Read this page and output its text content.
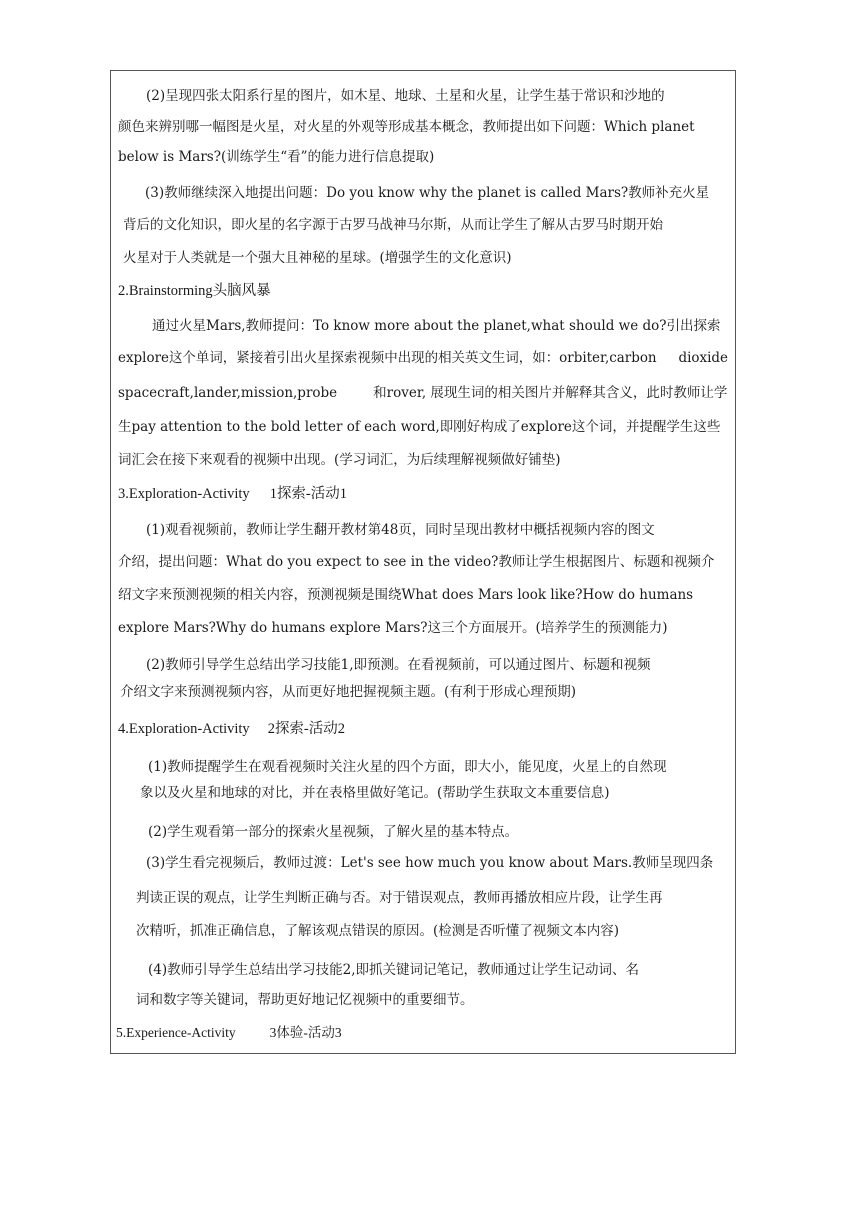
(2)呈现四张太阳系行星的图片，如木星、地球、土星和火星，让学生基于常识和沙地的
颜色来辨别哪一幅图是火星，对火星的外观等形成基本概念，教师提出如下问题：Which planet
below is Mars?(训练学生“看”的能力进行信息提取)
(3)教师继续深入地提出问题：Do you know why the planet is called Mars?教师补充火星
背后的文化知识，即火星的名字源于古罗马战神马尔斯，从而让学生了解从古罗马时期开始
火星对于人类就是一个强大且神秘的星球。(增强学生的文化意识)
2.Brainstorming头脑风暴
通过火星Mars,教师提问：To know more about the planet,what should we do?引出探索
explore这个单词，紧接着引出火星探索视频中出现的相关英文生词，如：orbiter,carbon dioxide
spacecraft,lander,mission,probe	和rover, 展现生词的相关图片并解释其含义，此时教师让学
生pay attention to the bold letter of each word,即刚好构成了explore这个词，并提醒学生这些
词汇会在接下来观看的视频中出现。(学习词汇，为后续理解视频做好铺垫)
3.Exploration-Activity 1探索-活动1
(1)观看视频前，教师让学生翻开教材第48页，同时呈现出教材中概括视频内容的图文
介绍，提出问题：What do you expect to see in the video?教师让学生根据图片、标题和视频介
绍文字来预测视频的相关内容，预测视频是围绕What does Mars look like?How do humans
explore Mars?Why do humans explore Mars?这三个方面展开。(培养学生的预测能力)
(2)教师引导学生总结出学习技能1,即预测。在看视频前，可以通过图片、标题和视频
介绍文字来预测视频内容，从而更好地把握视频主题。(有利于形成心理预期)
4.Exploration-Activity 2探索-活动2
(1)教师提醒学生在观看视频时关注火星的四个方面，即大小，能见度，火星上的自然现
象以及火星和地球的对比，并在表格里做好笔记。(帮助学生获取文本重要信息)
(2)学生观看第一部分的探索火星视频，了解火星的基本特点。
(3)学生看完视频后，教师过渡：Let's see how much you know about Mars.教师呈现四条
判读正误的观点，让学生判断正确与否。对于错误观点，教师再播放相应片段，让学生再
次精听，抓准正确信息，了解该观点错误的原因。(检测是否听懂了视频文本内容)
(4)教师引导学生总结出学习技能2,即抓关键词记笔记，教师通过让学生记动词、名
词和数字等关键词，帮助更好地记忆视频中的重要细节。
5.Experience-Activity	3体验-活动3
